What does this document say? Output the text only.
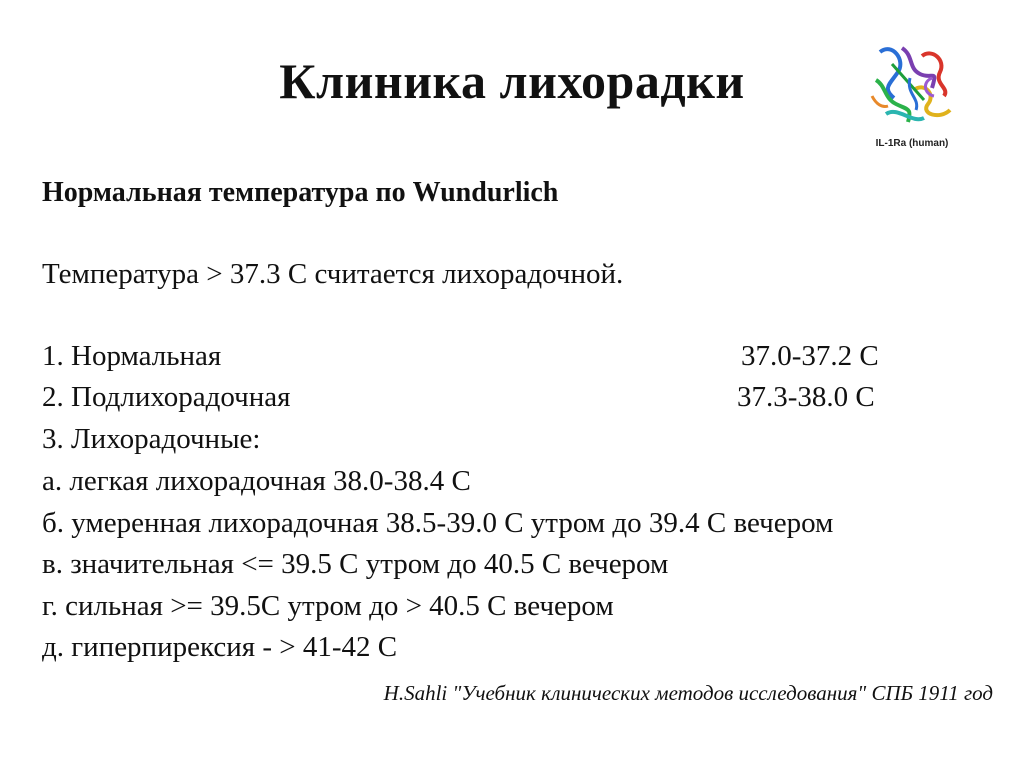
Клиника лихорадки
IL-1Ra (human)
Нормальная температура по Wundurlich
Температура > 37.3 С считается лихорадочной.
1. Нормальная	37.0-37.2 С
2. Подлихорадочная	37.3-38.0 С
3. Лихорадочные:
а. легкая лихорадочная 38.0-38.4 С
б. умеренная лихорадочная 38.5-39.0 С утром до 39.4 С вечером
в. значительная <= 39.5 С утром до 40.5 С вечером
г. сильная >= 39.5С утром до > 40.5 С вечером
д. гиперпирексия - > 41-42 С
H.Sahli "Учебник клинических методов исследования" СПБ 1911 год
